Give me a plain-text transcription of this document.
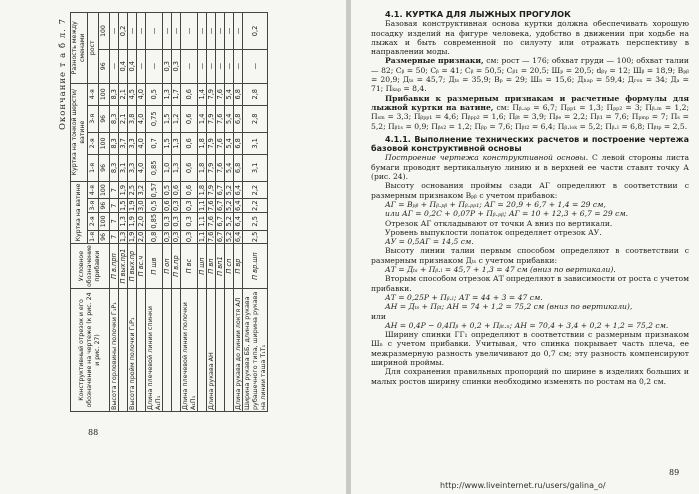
88
Окончание т а б л. 7
Конструктивный отрезок и его обозначение на чертеже (к рис. 24 и рис. 27)	Условное обозначение прибавки	Куртка на ватине				Куртка на тонкой шерсти/ватине				Разность между сменами	
		1-я	2-я	3-я	4-я	1-я	2-я	3-я	4-я	рост	
		96	100	96	100	96	100	96	100	96	100
Высота горловины полочки Г₁Р₁	П в.прп	7	7	7	7	8,3	8,3	8,3	8,3	—	—
	П вых.пр1	1,3	1,3	1,5	1,9	3,1	3,7	2,1	2,1	0,4	0,2
Высота пройм полочки Г₁Р₁	П вых.пр	1,9	1,9	1,9	2,5	3,3	3,3	3,8	4,5	0,4	—
	П вс.ч	2,0	2,0	3,0	3,2	4,0	4,0	4,0	4,0	—	—
Длина плечевой линии спинки А₁П₁	П шв	0,8	0,85	0,5	0,57	0,85	0,7	0,75	0,5	—	—
	П оп	0,3	0,3	0,6	0,5	1,0	1,5	1,5	1,3	0,3	—
	П в.пр	0,3	0,3	0,3	0,6	1,3	1,3	1,2	1,7	0,3	—
Длина плечевой линии полочки А₁П₁	П вс	0,3	0,3	0,3	0,6	0,6	0,6	0,6	0,6	—	—
	П шп	1,1	1,1	1,1	1,8	1,8	1,8	1,4	1,4	—	—
Длина рукава АН	П вп	7,6	7,6	7,6	7,9	7,9	7,9	7,9	7,9	—	—
	П вп1	6,7	6,7	6,7	6,7	7,6	7,6	7,6	7,6	—	—
	П сп	5,2	5,2	5,2	5,2	5,4	5,4	5,4	5,4	—	—
Длина рукава до линии локтя АЛ	П вр	6,4	6,4	6,4	6,4	6,8	6,8	6,8	6,8	—	—
Ширина рукава ББ, длина рукава рубашечного типа, ширина рукава на линии таша Т₁Т₁	П вр.шп	2,5	2,5	2,2	2,2	3,1	3,1	2,8	2,8	—	0,2

4.1. КУРТКА ДЛЯ ЛЫЖНЫХ ПРОГУЛОК

Базовая конструктивная основа куртки должна обеспечивать хорошую посадку изделий на фигуре человека, удобство в движении при ходьбе на лыжах и быть современной по силуэту или отражать перспективу в направлении моды.

Размерные признаки, см: рост — 176; обхват груди — 100; обхват талии — 82; Сᵦ = 50; Сᵦ = 41; Сᵦ = 50,5; Сᵦ₁ = 20,5; Шₚ = 20,5; dᵦᵧ = 12; Шᵦ = 18,9; Вₚᵦ = 20,9; Дₜₛ = 45,7; Дₜₛ = 35,9; Bₚ = 29; Шₙ = 15,6; Дₕₐₚ = 59,4; Дᵣₒₓ = 34; Дₐ = 71; Пₖₐₚ = 8,4.

Прибавки к размерным признакам и расчетные формулы для лыжной куртки на ватине, см: Пᵦ.ₐₚ = 6,7; Пₚₚ₁ = 1,3; Пₚₚ₂ = 3; Пᵦ.ₘ = 1,2; Пₛₘ = 3,3; Пᵦₚₚ₁ = 4,6; Пᵦₚₚ₂ = 1,6; Пᵦₜ = 3,9; Пᵦₑ = 2,2; Пᵦ₁ = 7,6; Пₚₘₚ = 7; Пₛ = 5,2; Пᵦ₁ₛ = 0,9; Пᵦₛ₂ = 1,2; Пᵦₚ = 7,6; Пᵦₜ₂ = 6,4; Пᵦ.ₗₒₖ = 5,2; Пᵦ.ₗ = 6,8; Пᵦₜₚ = 2,5.

4.1.1. Выполнение технических расчетов и построение чертежа базовой конструктивной основы

Построение чертежа конструктивной основы. С левой стороны листа бумаги проводят вертикальную линию и в верхней ее части ставят точку А (рис. 24).

Высоту основания проймы сзади АГ определяют в соответствии с размерным признаком Вₚᵦ с учетом прибавок:

АГ = Вₚᵦ + Пᵦ.ₚᵦ + Пᵦ.ₚₚ₁; АГ = 20,9 + 6,7 + 1,4 = 29 см,

или АГ = 0,2С + 0,07Р + Пᵦ.ₚᵦ; АГ = 10 + 12,3 + 6,7 = 29 см.

Отрезок АГ откладывают от точки А вниз по вертикали.

Уровень выпуклости лопаток определяет отрезок АУ.

АУ = 0,5АГ = 14,5 см.

Высоту линии талии первым способом определяют в соответствии с размерным признаком Дₜₛ с учетом прибавки:

АТ = Дₜₛ + Пᵦ.ₗ = 45,7 + 1,3 = 47 см (вниз по вертикали).

Вторым способом отрезок АТ определяют в зависимости от роста с учетом прибавки.

АТ = 0,25Р + Пᵦ.ₗ; АТ = 44 + 3 = 47 см.

АН = Дₜₛ + Пᵦₜ; АН = 74 + 1,2 = 75,2 см (вниз по вертикали),

или

АН = 0,4Р − 0,4Пᵦ + 0,2 + Пᵦₜ.ₙ; АН = 70,4 + 3,4 + 0,2 + 1,2 = 75,2 см.

Ширину спинки ГГ₁ определяют в соответствии с размерным признаком Шₙ с учетом прибавки. Учитывая, что спинка покрывает часть плеча, ее межразмерную разность увеличивают до 0,7 см; эту разность компенсируют шириной проймы.

Для сохранения правильных пропорций по ширине в изделиях больших и малых ростов ширину спинки необходимо изменять по ростам на 0,2 см.

89
http://www.liveinternet.ru/users/galina_o/
